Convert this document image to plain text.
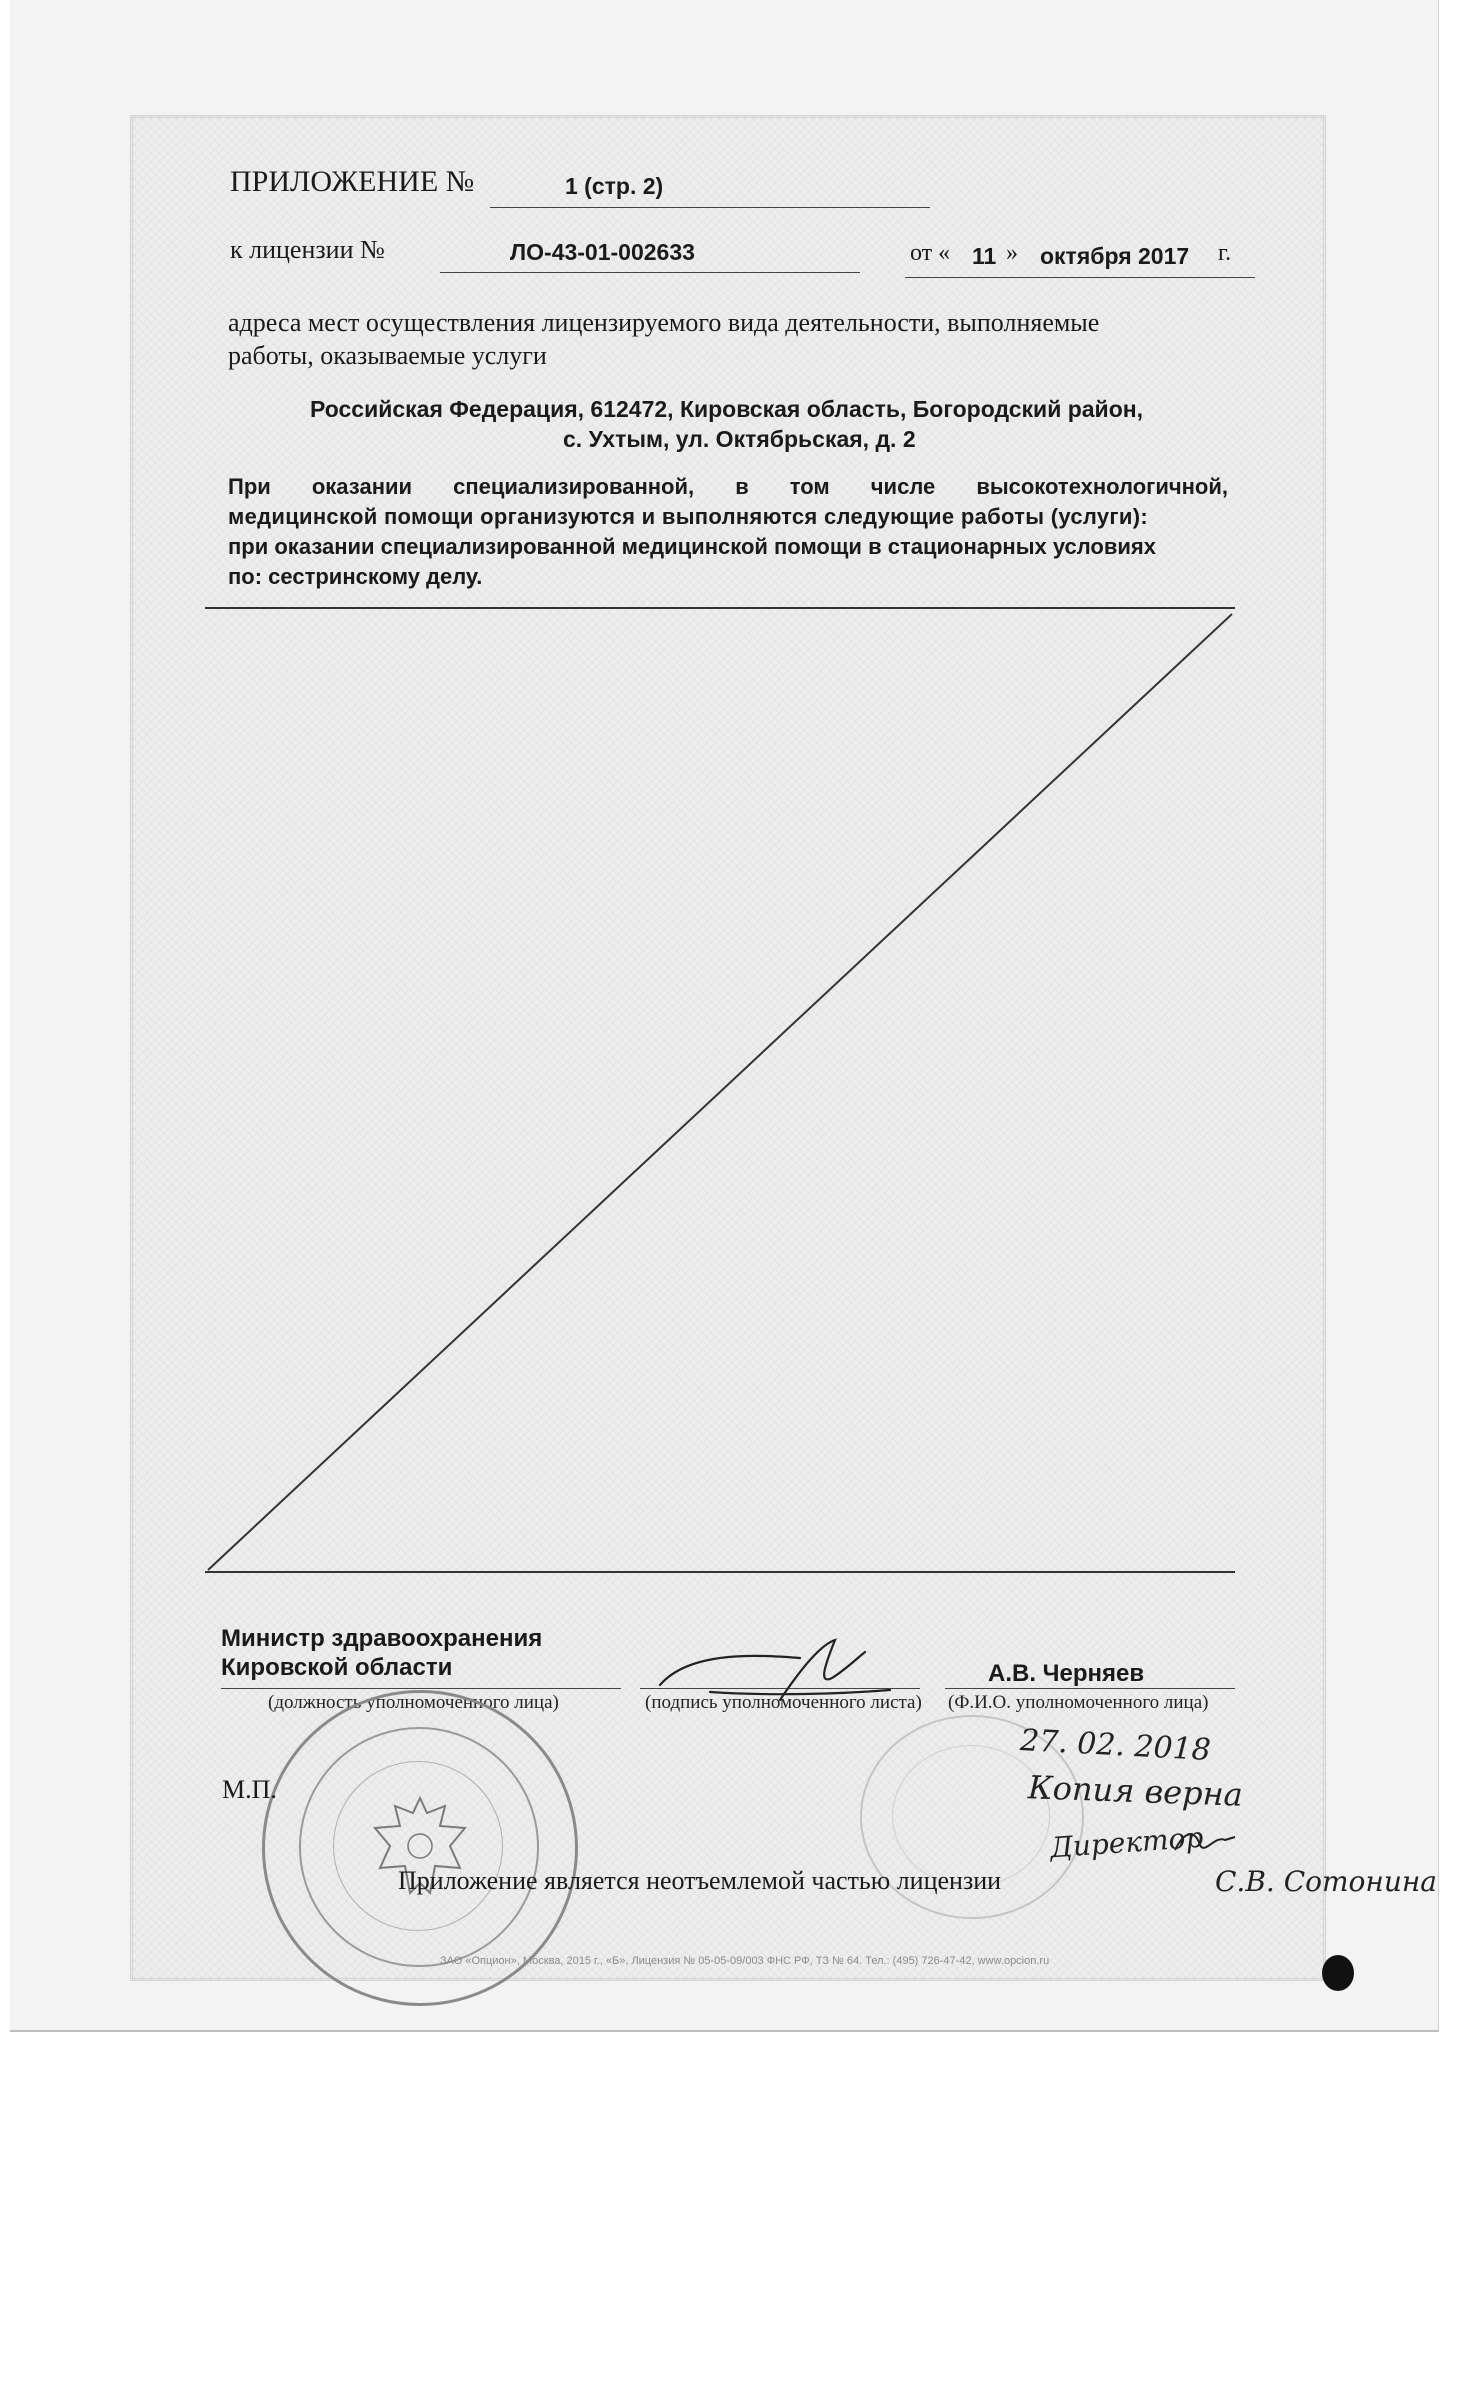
ПРИЛОЖЕНИЕ №	1 (стр. 2)
к лицензии №	ЛО-43-01-002633	от « 11 » октября 2017 г.
адреса мест осуществления лицензируемого вида деятельности, выполняемые
работы, оказываемые услуги
Российская Федерация, 612472, Кировская область, Богородский район,
с. Ухтым, ул. Октябрьская, д. 2
При оказании специализированной, в том числе высокотехнологичной,
медицинской помощи организуются и выполняются следующие работы (услуги):
при оказании специализированной медицинской помощи в стационарных условиях
по: сестринскому делу.
Министр здравоохранения
Кировской области	А.В. Черняев
(должность уполномоченного лица)	(подпись уполномоченного листа) (Ф.И.О. уполномоченного лица)
М.П.
Приложение является неотъемлемой частью лицензии
ЗАО «Опцион», Москва, 2015 г., «Б», Лицензия № 05-05-09/003 ФНС РФ, ТЗ № 64. Тел.: (495) 726-47-42, www.opcion.ru
27. 02. 2018
Копия верна
Директор
С.В. Сотонина
